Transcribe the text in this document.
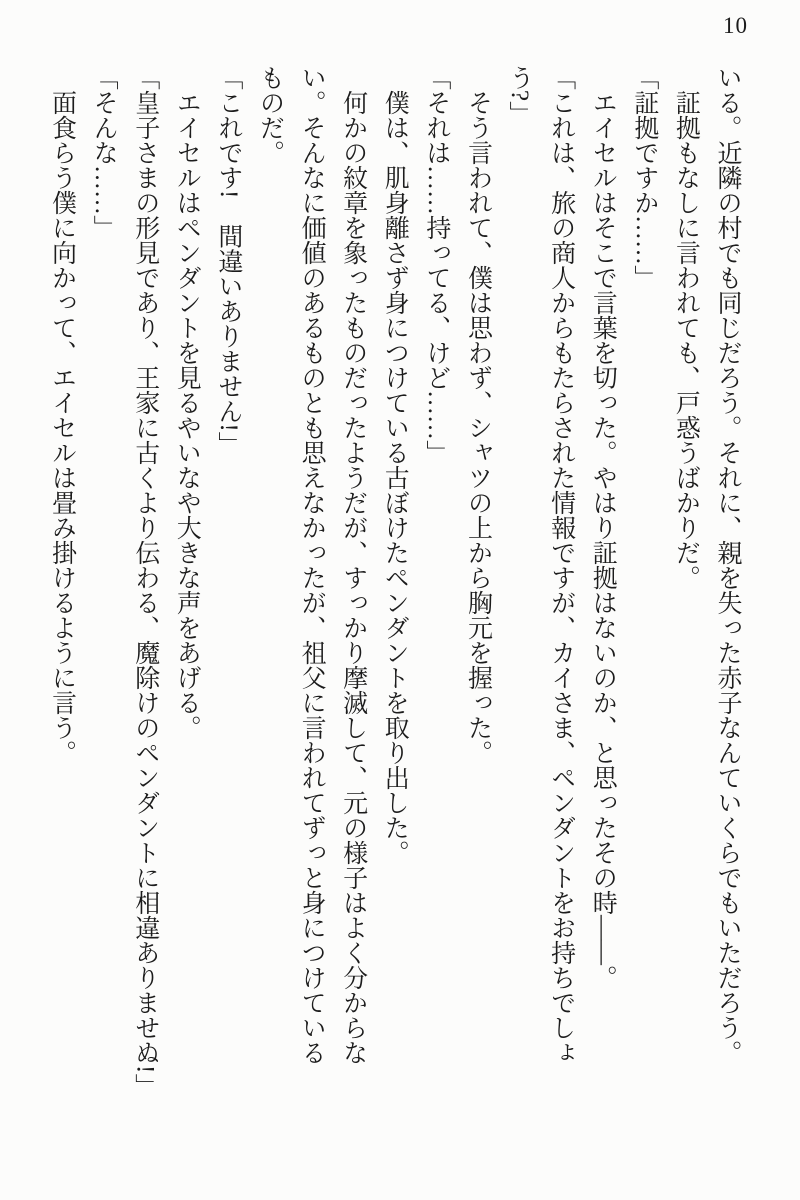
10

いる。近隣の村でも同じだろう。それに、親を失った赤子なんていくらでもいただろう。

　証拠もなしに言われても、戸惑うばかりだ。

「証拠ですか……」

　エイセルはそこで言葉を切った。やはり証拠はないのか、と思ったその時――。

「これは、旅の商人からもたらされた情報ですが、カイさま、ペンダントをお持ちでしょ

う?」

　そう言われて、僕は思わず、シャツの上から胸元を握った。

「それは……持ってる、けど……」

　僕は、肌身離さず身につけている古ぼけたペンダントを取り出した。

　何かの紋章を象ったものだったようだが、すっかり摩滅して、元の様子はよく分からな

い。そんなに価値のあるものとも思えなかったが、祖父に言われてずっと身につけている

ものだ。

「これです!　間違いありません!」

　エイセルはペンダントを見るやいなや大きな声をあげる。

「皇子さまの形見であり、王家に古くより伝わる、魔除けのペンダントに相違ありませぬ!」

「そんな……」

　面食らう僕に向かって、エイセルは畳み掛けるように言う。
